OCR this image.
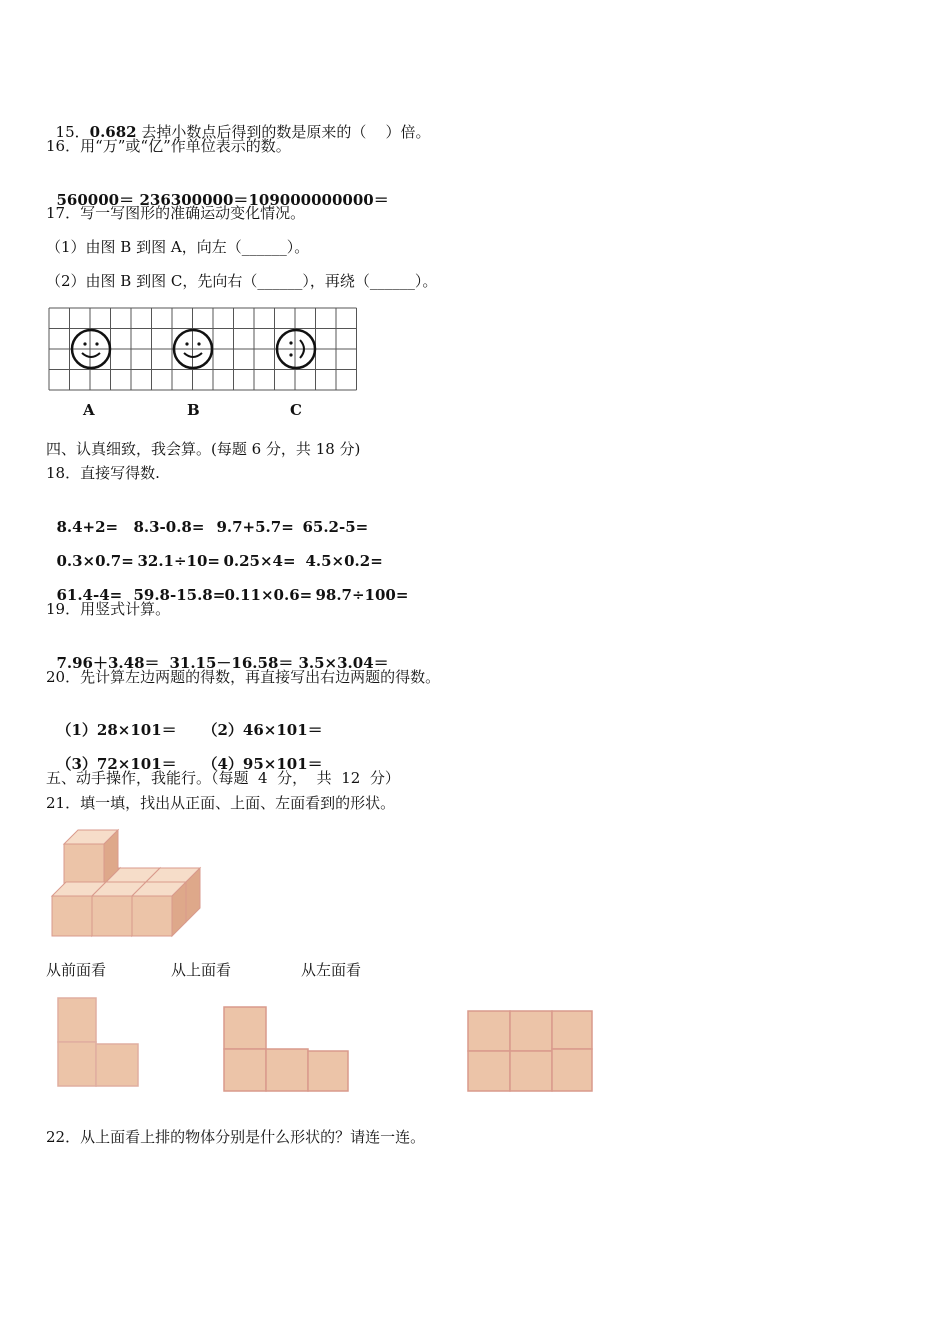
15．0.682 去掉小数点后得到的数是原来的（    ）倍。

16．用“万”或“亿”作单位表示的数。

560000＝ 236300000＝109000000000＝

17．写一写图形的准确运动变化情况。
（1）由图 B 到图 A，向左（______）。
（2）由图 B 到图 C，先向右（______），再绕（______）。
A	B	C
四、认真细致，我会算。(每题 6 分，共 18 分)
18．直接写得数.

8.4+2= 8.3-0.8= 9.7+5.7= 65.2-5=

0.3×0.7= 32.1÷10= 0.25×4= 4.5×0.2=

61.4-4= 59.8-15.8=0.11×0.6= 98.7÷100=

19．用竖式计算。

7.96＋3.48＝ 31.15－16.58＝ 3.5×3.04＝

20．先计算左边两题的得数，再直接写出右边两题的得数。

（1）28×101＝ （2）46×101＝

（3）72×101＝ （4）95×101＝

五、动手操作，我能行。（每题  4  分，  共  12  分）
21．填一填，找出从正面、上面、左面看到的形状。
从前面看	从上面看	从左面看
22．从上面看上排的物体分别是什么形状的？请连一连。
